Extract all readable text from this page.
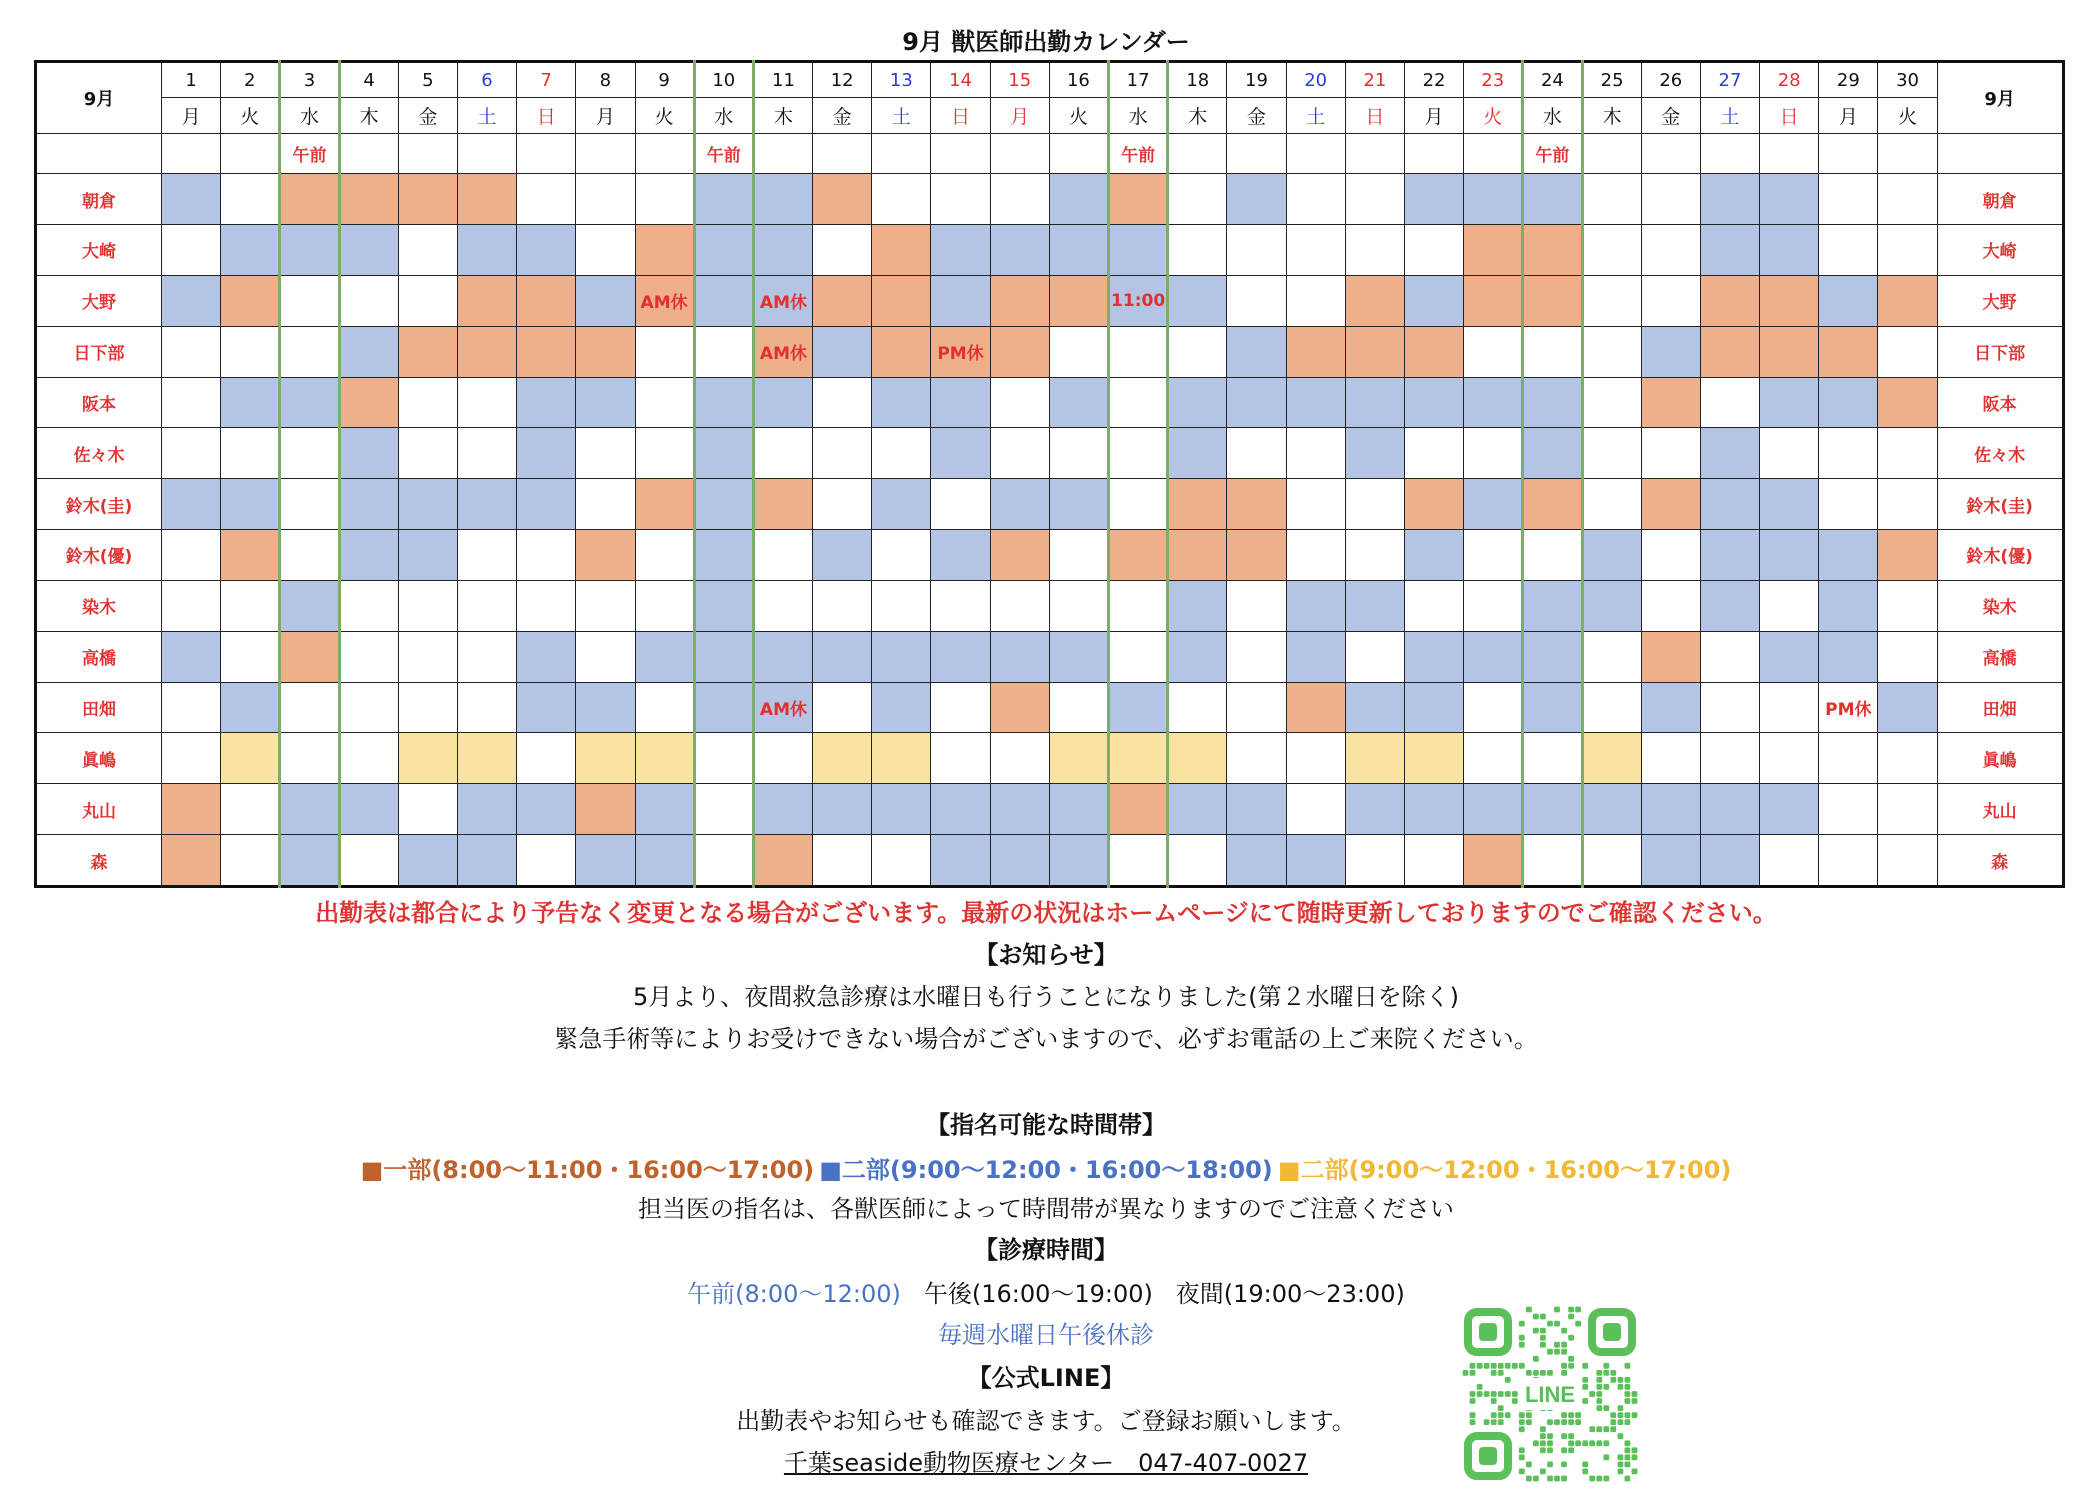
9月 獣医師出勤カレンダー
9月	1	2	3	4	5	6	7	8	9	10	11	12	13	14	15	16	17	18	19	20	21	22	23	24	25	26	27	28	29	30	9月
	月	火	水	木	金	土	日	月	火	水	木	金	土	日	月	火	水	木	金	土	日	月	火	水	木	金	土	日	月	火	
			午前							午前							午前							午前							
朝倉																															朝倉
大崎																															大崎
大野									AM休		AM休						11:00														大野
日下部											AM休			PM休																	日下部
阪本																															阪本
佐々木																															佐々木
鈴木(圭)																															鈴木(圭)
鈴木(優)																															鈴木(優)
染木																															染木
高橋																															高橋
田畑											AM休																		PM休		田畑
眞嶋																															眞嶋
丸山																															丸山
森																															森
出勤表は都合により予告なく変更となる場合がございます。最新の状況はホームページにて随時更新しておりますのでご確認ください。
【お知らせ】
5月より、夜間救急診療は水曜日も行うことになりました(第２水曜日を除く)
緊急手術等によりお受けできない場合がございますので、必ずお電話の上ご来院ください。
【指名可能な時間帯】
■一部(8:00〜11:00・16:00〜17:00) ■二部(9:00〜12:00・16:00〜18:00) ■二部(9:00〜12:00・16:00〜17:00)
担当医の指名は、各獣医師によって時間帯が異なりますのでご注意ください
【診療時間】
午前(8:00〜12:00) 午後(16:00〜19:00) 夜間(19:00〜23:00)
毎週水曜日午後休診
【公式LINE】
出勤表やお知らせも確認できます。ご登録お願いします。
千葉seaside動物医療センター　047-407-0027
LINE
